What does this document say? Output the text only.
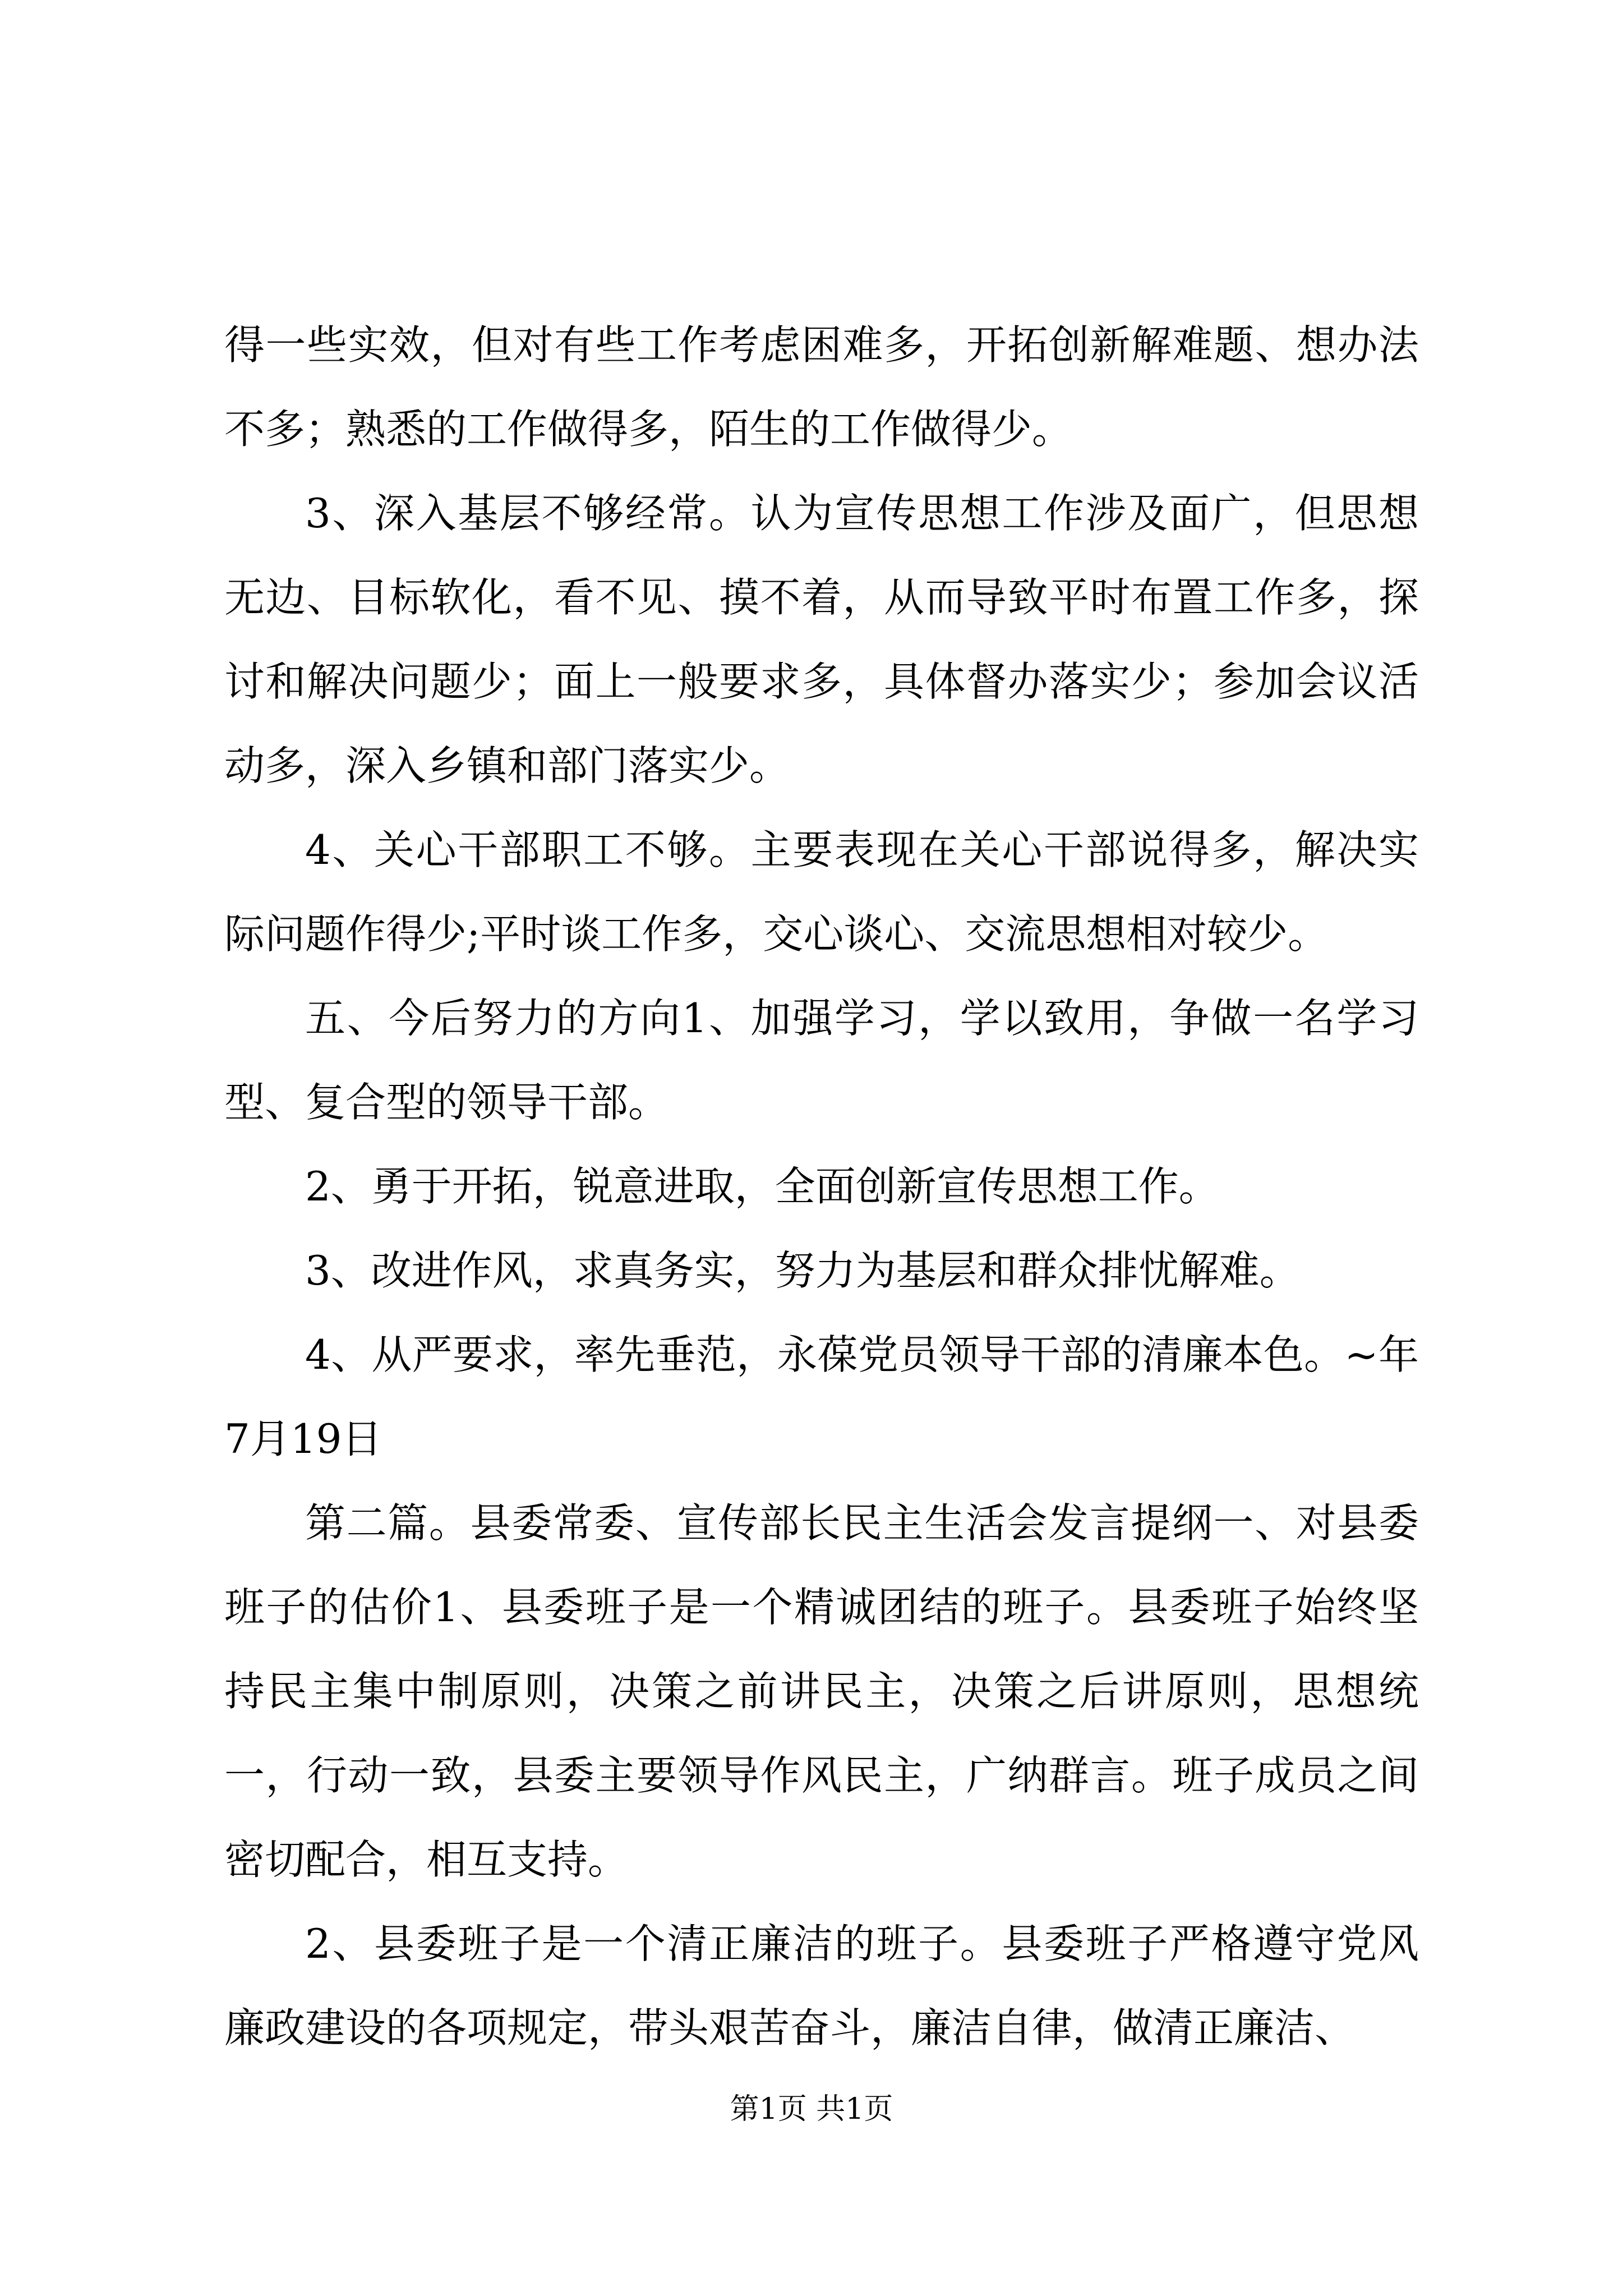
得一些实效，但对有些工作考虑困难多，开拓创新解难题、想办法不多；熟悉的工作做得多，陌生的工作做得少。

3、深入基层不够经常。认为宣传思想工作涉及面广，但思想无边、目标软化，看不见、摸不着，从而导致平时布置工作多，探讨和解决问题少；面上一般要求多，具体督办落实少；参加会议活动多，深入乡镇和部门落实少。

4、关心干部职工不够。主要表现在关心干部说得多，解决实际问题作得少;平时谈工作多，交心谈心、交流思想相对较少。

五、今后努力的方向1、加强学习，学以致用，争做一名学习型、复合型的领导干部。

2、勇于开拓，锐意进取，全面创新宣传思想工作。

3、改进作风，求真务实，努力为基层和群众排忧解难。

4、从严要求，率先垂范，永葆党员领导干部的清廉本色。~年7月19日

第二篇。县委常委、宣传部长民主生活会发言提纲一、对县委班子的估价1、县委班子是一个精诚团结的班子。县委班子始终坚持民主集中制原则，决策之前讲民主，决策之后讲原则，思想统一，行动一致，县委主要领导作风民主，广纳群言。班子成员之间密切配合，相互支持。

2、县委班子是一个清正廉洁的班子。县委班子严格遵守党风廉政建设的各项规定，带头艰苦奋斗，廉洁自律，做清正廉洁、

第1页 共1页
